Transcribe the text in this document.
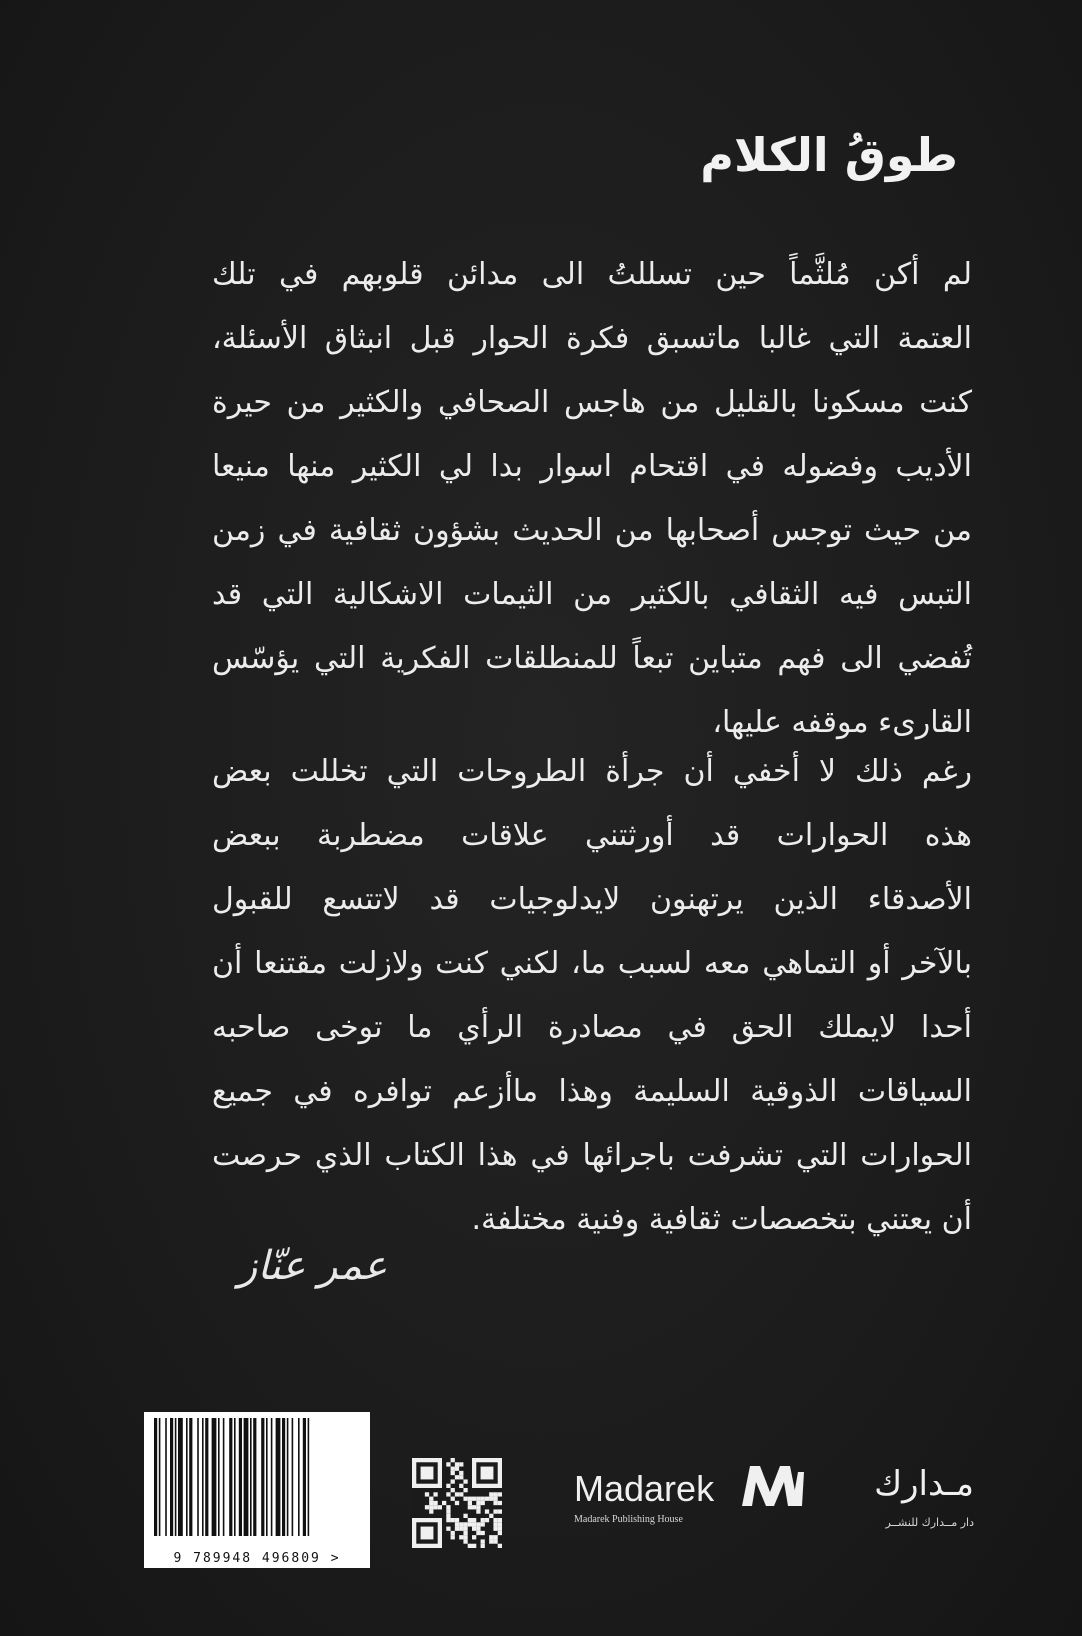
طوقُ الكلام
لم أكن مُلثَّماً حين تسللتُ الى مدائن قلوبهم في تلك
العتمة التي غالبا ماتسبق فكرة الحوار قبل انبثاق الأسئلة،
كنت مسكونا بالقليل من هاجس الصحافي والكثير من حيرة
الأديب وفضوله في اقتحام اسوار بدا لي الكثير منها منيعا
من حيث توجس أصحابها من الحديث بشؤون ثقافية في زمن
التبس فيه الثقافي بالكثير من الثيمات الاشكالية التي قد
تُفضي الى فهم متباين تبعاً للمنطلقات الفكرية التي يؤسّس
القارىء موقفه عليها،
رغم ذلك لا أخفي أن جرأة الطروحات التي تخللت بعض
هذه الحوارات قد أورثتني علاقات مضطربة ببعض
الأصدقاء الذين يرتهنون لايدلوجيات قد لاتتسع للقبول
بالآخر أو التماهي معه لسبب ما، لكني كنت ولازلت مقتنعا أن
أحدا لايملك الحق في مصادرة الرأي ما توخى صاحبه
السياقات الذوقية السليمة وهذا ماأزعم توافره في جميع
الحوارات التي تشرفت باجرائها في هذا الكتاب الذي حرصت
أن يعتني بتخصصات ثقافية وفنية مختلفة.
عمر عنّاز
9 789948 496809 >
Madarek
Madarek Publishing House
مـدارك
دار مــدارك للنشــر
